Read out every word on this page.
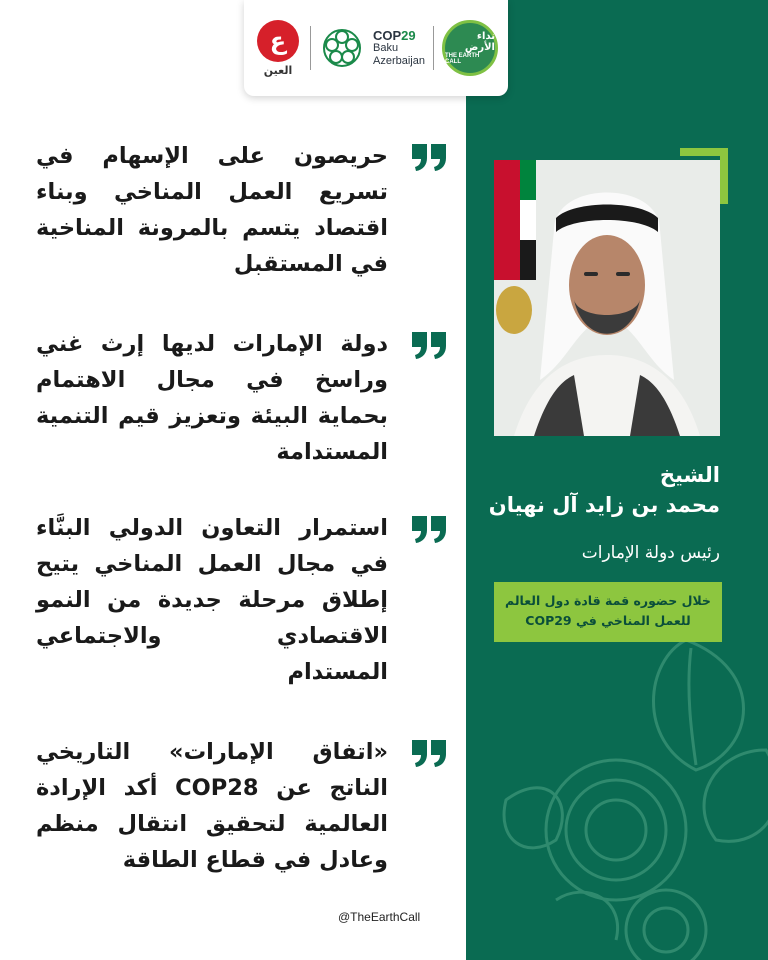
ع
العين
COP29
Baku
Azerbaijan
نداء الأرض
THE EARTH CALL
حريصون على الإسهام في تسريع العمل المناخي وبناء اقتصاد يتسم بالمرونة المناخية في المستقبل
دولة الإمارات لديها إرث غني وراسخ في مجال الاهتمام بحماية البيئة وتعزيز قيم التنمية المستدامة
استمرار التعاون الدولي البنَّاء في مجال العمل المناخي يتيح إطلاق مرحلة جديدة من النمو الاقتصادي والاجتماعي المستدام
«اتفاق الإمارات» التاريخي الناتج عن COP28 أكد الإرادة العالمية لتحقيق انتقال منظم وعادل في قطاع الطاقة
@TheEarthCall
الشيخ
محمد بن زايد آل نهيان
رئيس دولة الإمارات
خلال حضوره قمة قادة دول العالم
للعمل المناخي في COP29
